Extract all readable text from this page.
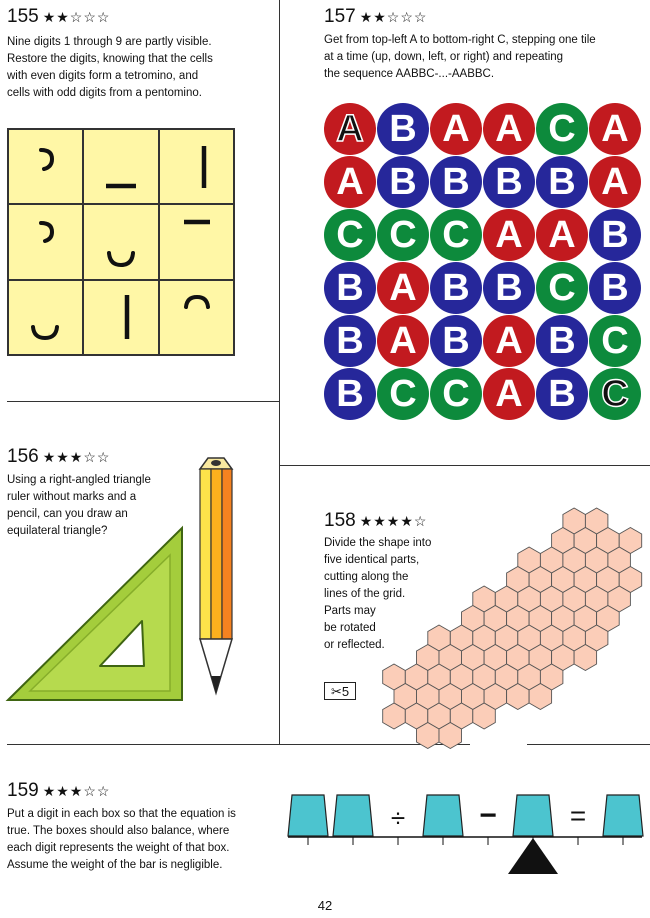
155 ★★☆☆☆
Nine digits 1 through 9 are partly visible.
Restore the digits, knowing that the cells
with even digits form a tetromino, and
cells with odd digits from a pentomino.
156 ★★★☆☆
Using a right-angled triangle
ruler without marks and a
pencil, can you draw an
equilateral triangle?
157 ★★☆☆☆
Get from top-left A to bottom-right C, stepping one tile
at a time (up, down, left, or right) and repeating
the sequence AABBC-...-AABBC.
A B A A C A
A B B B B A
C C C A A B
B A B B C B
B A B A B C
B C C A B C
158 ★★★★☆
Divide the shape into
five identical parts,
cutting along the
lines of the grid.
Parts may
be rotated
or reflected.
✂5
159 ★★★☆☆
Put a digit in each box so that the equation is
true. The boxes should also balance, where
each digit represents the weight of that box.
Assume the weight of the bar is negligible.
÷ −	=
42
